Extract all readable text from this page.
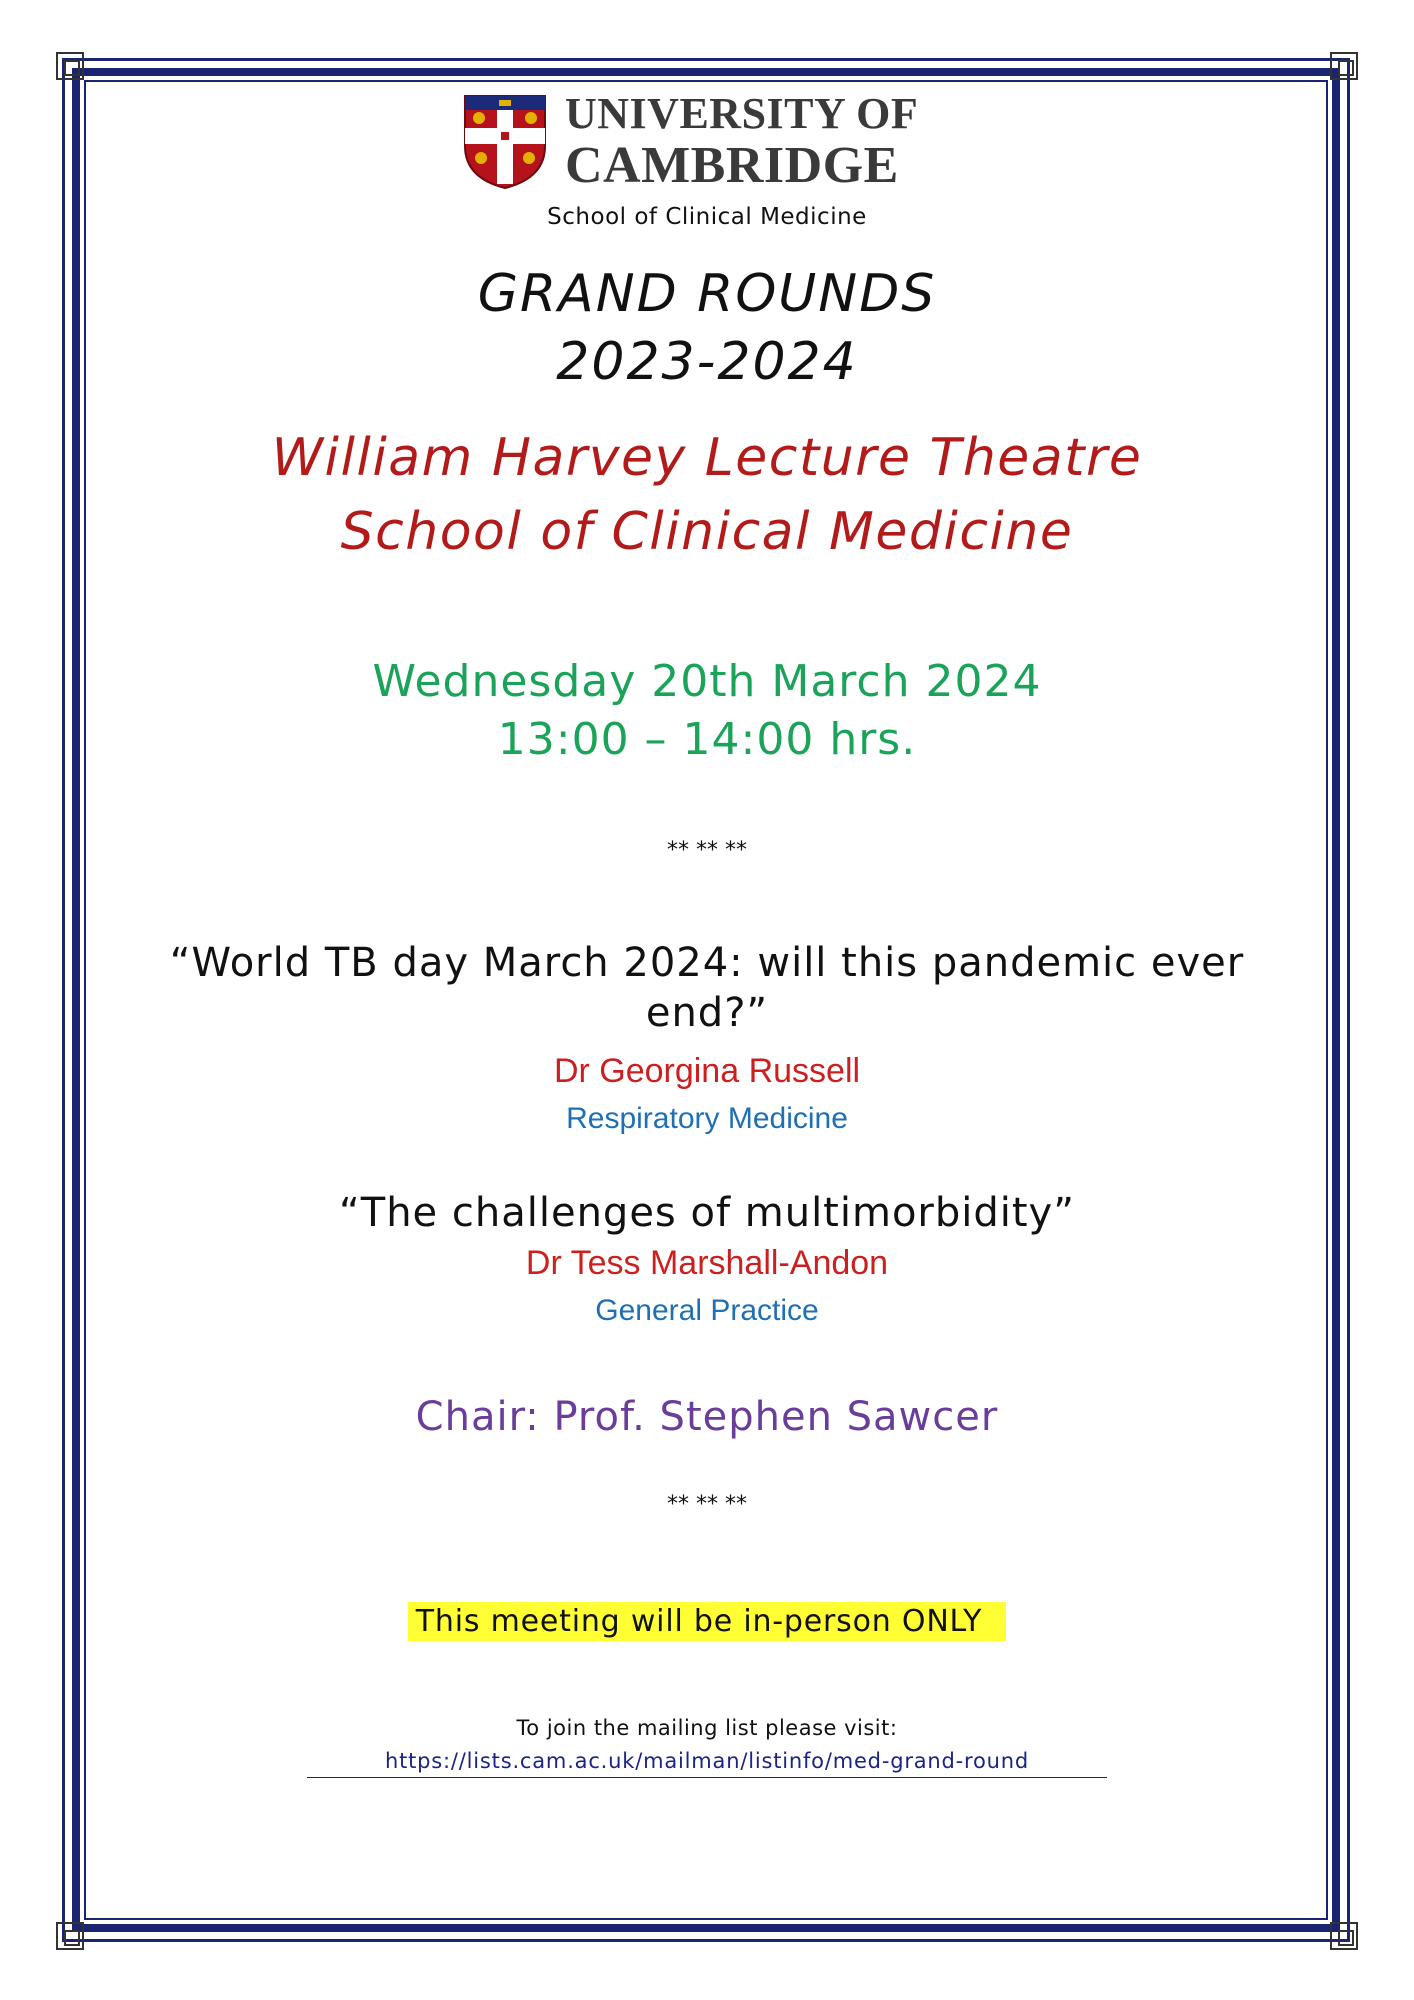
UNIVERSITY OF
CAMBRIDGE
School of Clinical Medicine
GRAND ROUNDS
2023-2024
William Harvey Lecture Theatre
School of Clinical Medicine
Wednesday 20th March 2024
13:00 – 14:00 hrs.
** ** **
“World TB day March 2024: will this pandemic ever
end?”
Dr Georgina Russell
Respiratory Medicine
“The challenges of multimorbidity”
Dr Tess Marshall-Andon
General Practice
Chair: Prof. Stephen Sawcer
** ** **
This meeting will be in-person ONLY
To join the mailing list please visit:
https://lists.cam.ac.uk/mailman/listinfo/med-grand-round
